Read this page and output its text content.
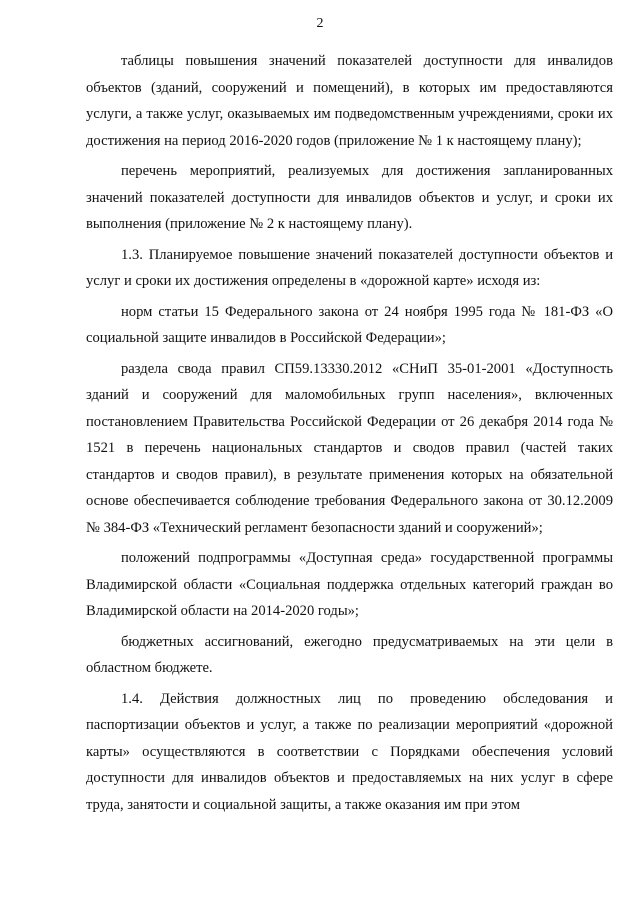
2

таблицы повышения значений показателей доступности для инвалидов объектов (зданий, сооружений и помещений), в которых им предоставляются услуги, а также услуг, оказываемых им подведомственным учреждениями, сроки их достижения на период 2016-2020 годов (приложение № 1 к настоящему плану);

перечень мероприятий, реализуемых для достижения запланированных значений показателей доступности для инвалидов объектов и услуг, и сроки их выполнения (приложение № 2 к настоящему плану).

1.3. Планируемое повышение значений показателей доступности объектов и услуг и сроки их достижения определены в «дорожной карте» исходя из:

норм статьи 15 Федерального закона от 24 ноября 1995 года № 181-ФЗ «О социальной защите инвалидов в Российской Федерации»;

раздела свода правил СП59.13330.2012 «СНиП 35-01-2001 «Доступность зданий и сооружений для маломобильных групп населения», включенных постановлением Правительства Российской Федерации от 26 декабря 2014 года № 1521 в перечень национальных стандартов и сводов правил (частей таких стандартов и сводов правил), в результате применения которых на обязательной основе обеспечивается соблюдение требования Федерального закона от 30.12.2009 № 384-ФЗ «Технический регламент безопасности зданий и сооружений»;

положений подпрограммы «Доступная среда» государственной программы Владимирской области «Социальная поддержка отдельных категорий граждан во Владимирской области на 2014-2020 годы»;

бюджетных ассигнований, ежегодно предусматриваемых на эти цели в областном бюджете.

1.4. Действия должностных лиц по проведению обследования и паспортизации объектов и услуг, а также по реализации мероприятий «дорожной карты» осуществляются в соответствии с Порядками обеспечения условий доступности для инвалидов объектов и предоставляемых на них услуг в сфере труда, занятости и социальной защиты, а также оказания им при этом
